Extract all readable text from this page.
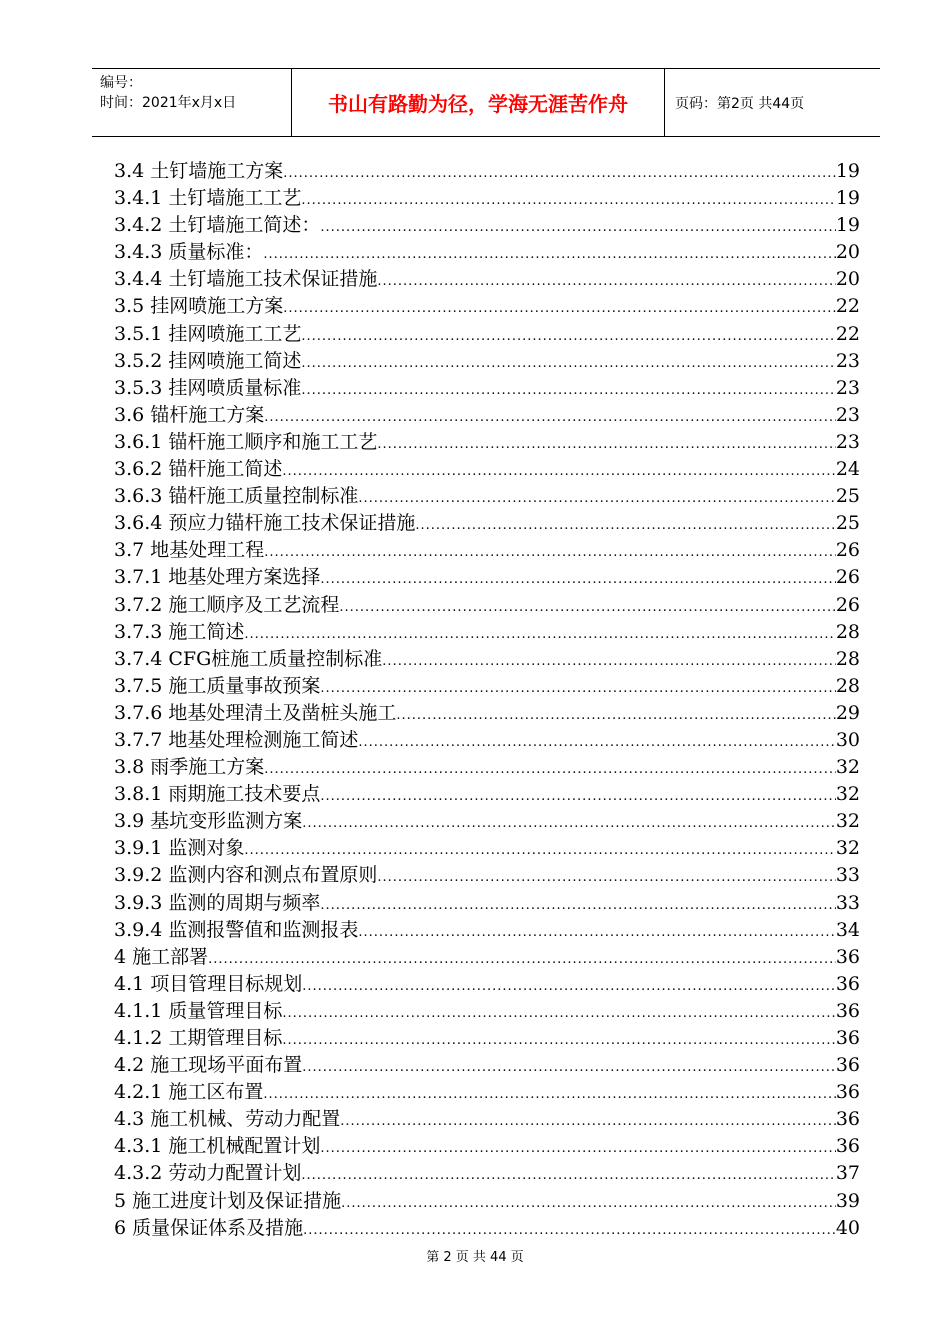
编号：
时间：2021年x月x日	书山有路勤为径，学海无涯苦作舟	页码：第2页 共44页
3.4 土钉墙施工方案 .....	19
3.4.1 土钉墙施工工艺 .....	19
3.4.2 土钉墙施工简述： .....	19
3.4.3 质量标准： .....	20
3.4.4 土钉墙施工技术保证措施 .....	20
3.5 挂网喷施工方案 .....	22
3.5.1 挂网喷施工工艺 .....	22
3.5.2 挂网喷施工简述 .....	23
3.5.3 挂网喷质量标准 .....	23
3.6 锚杆施工方案 .....	23
3.6.1 锚杆施工顺序和施工工艺 .....	23
3.6.2 锚杆施工简述 .....	24
3.6.3 锚杆施工质量控制标准 .....	25
3.6.4 预应力锚杆施工技术保证措施 .....	25
3.7 地基处理工程 .....	26
3.7.1 地基处理方案选择 .....	26
3.7.2 施工顺序及工艺流程 .....	26
3.7.3 施工简述 .....	28
3.7.4 CFG桩施工质量控制标准 .....	28
3.7.5 施工质量事故预案 .....	28
3.7.6 地基处理清土及凿桩头施工 .....	29
3.7.7 地基处理检测施工简述 .....	30
3.8 雨季施工方案 .....	32
3.8.1 雨期施工技术要点 .....	32
3.9 基坑变形监测方案 .....	32
3.9.1 监测对象 .....	32
3.9.2 监测内容和测点布置原则 .....	33
3.9.3 监测的周期与频率 .....	33
3.9.4 监测报警值和监测报表 .....	34
4 施工部署 .....	36
4.1 项目管理目标规划 .....	36
4.1.1 质量管理目标 .....	36
4.1.2 工期管理目标 .....	36
4.2 施工现场平面布置 .....	36
4.2.1 施工区布置 .....	36
4.3 施工机械、劳动力配置 .....	36
4.3.1 施工机械配置计划 .....	36
4.3.2 劳动力配置计划 .....	37
5 施工进度计划及保证措施 .....	39
6 质量保证体系及措施 .....	40
第 2 页 共 44 页
